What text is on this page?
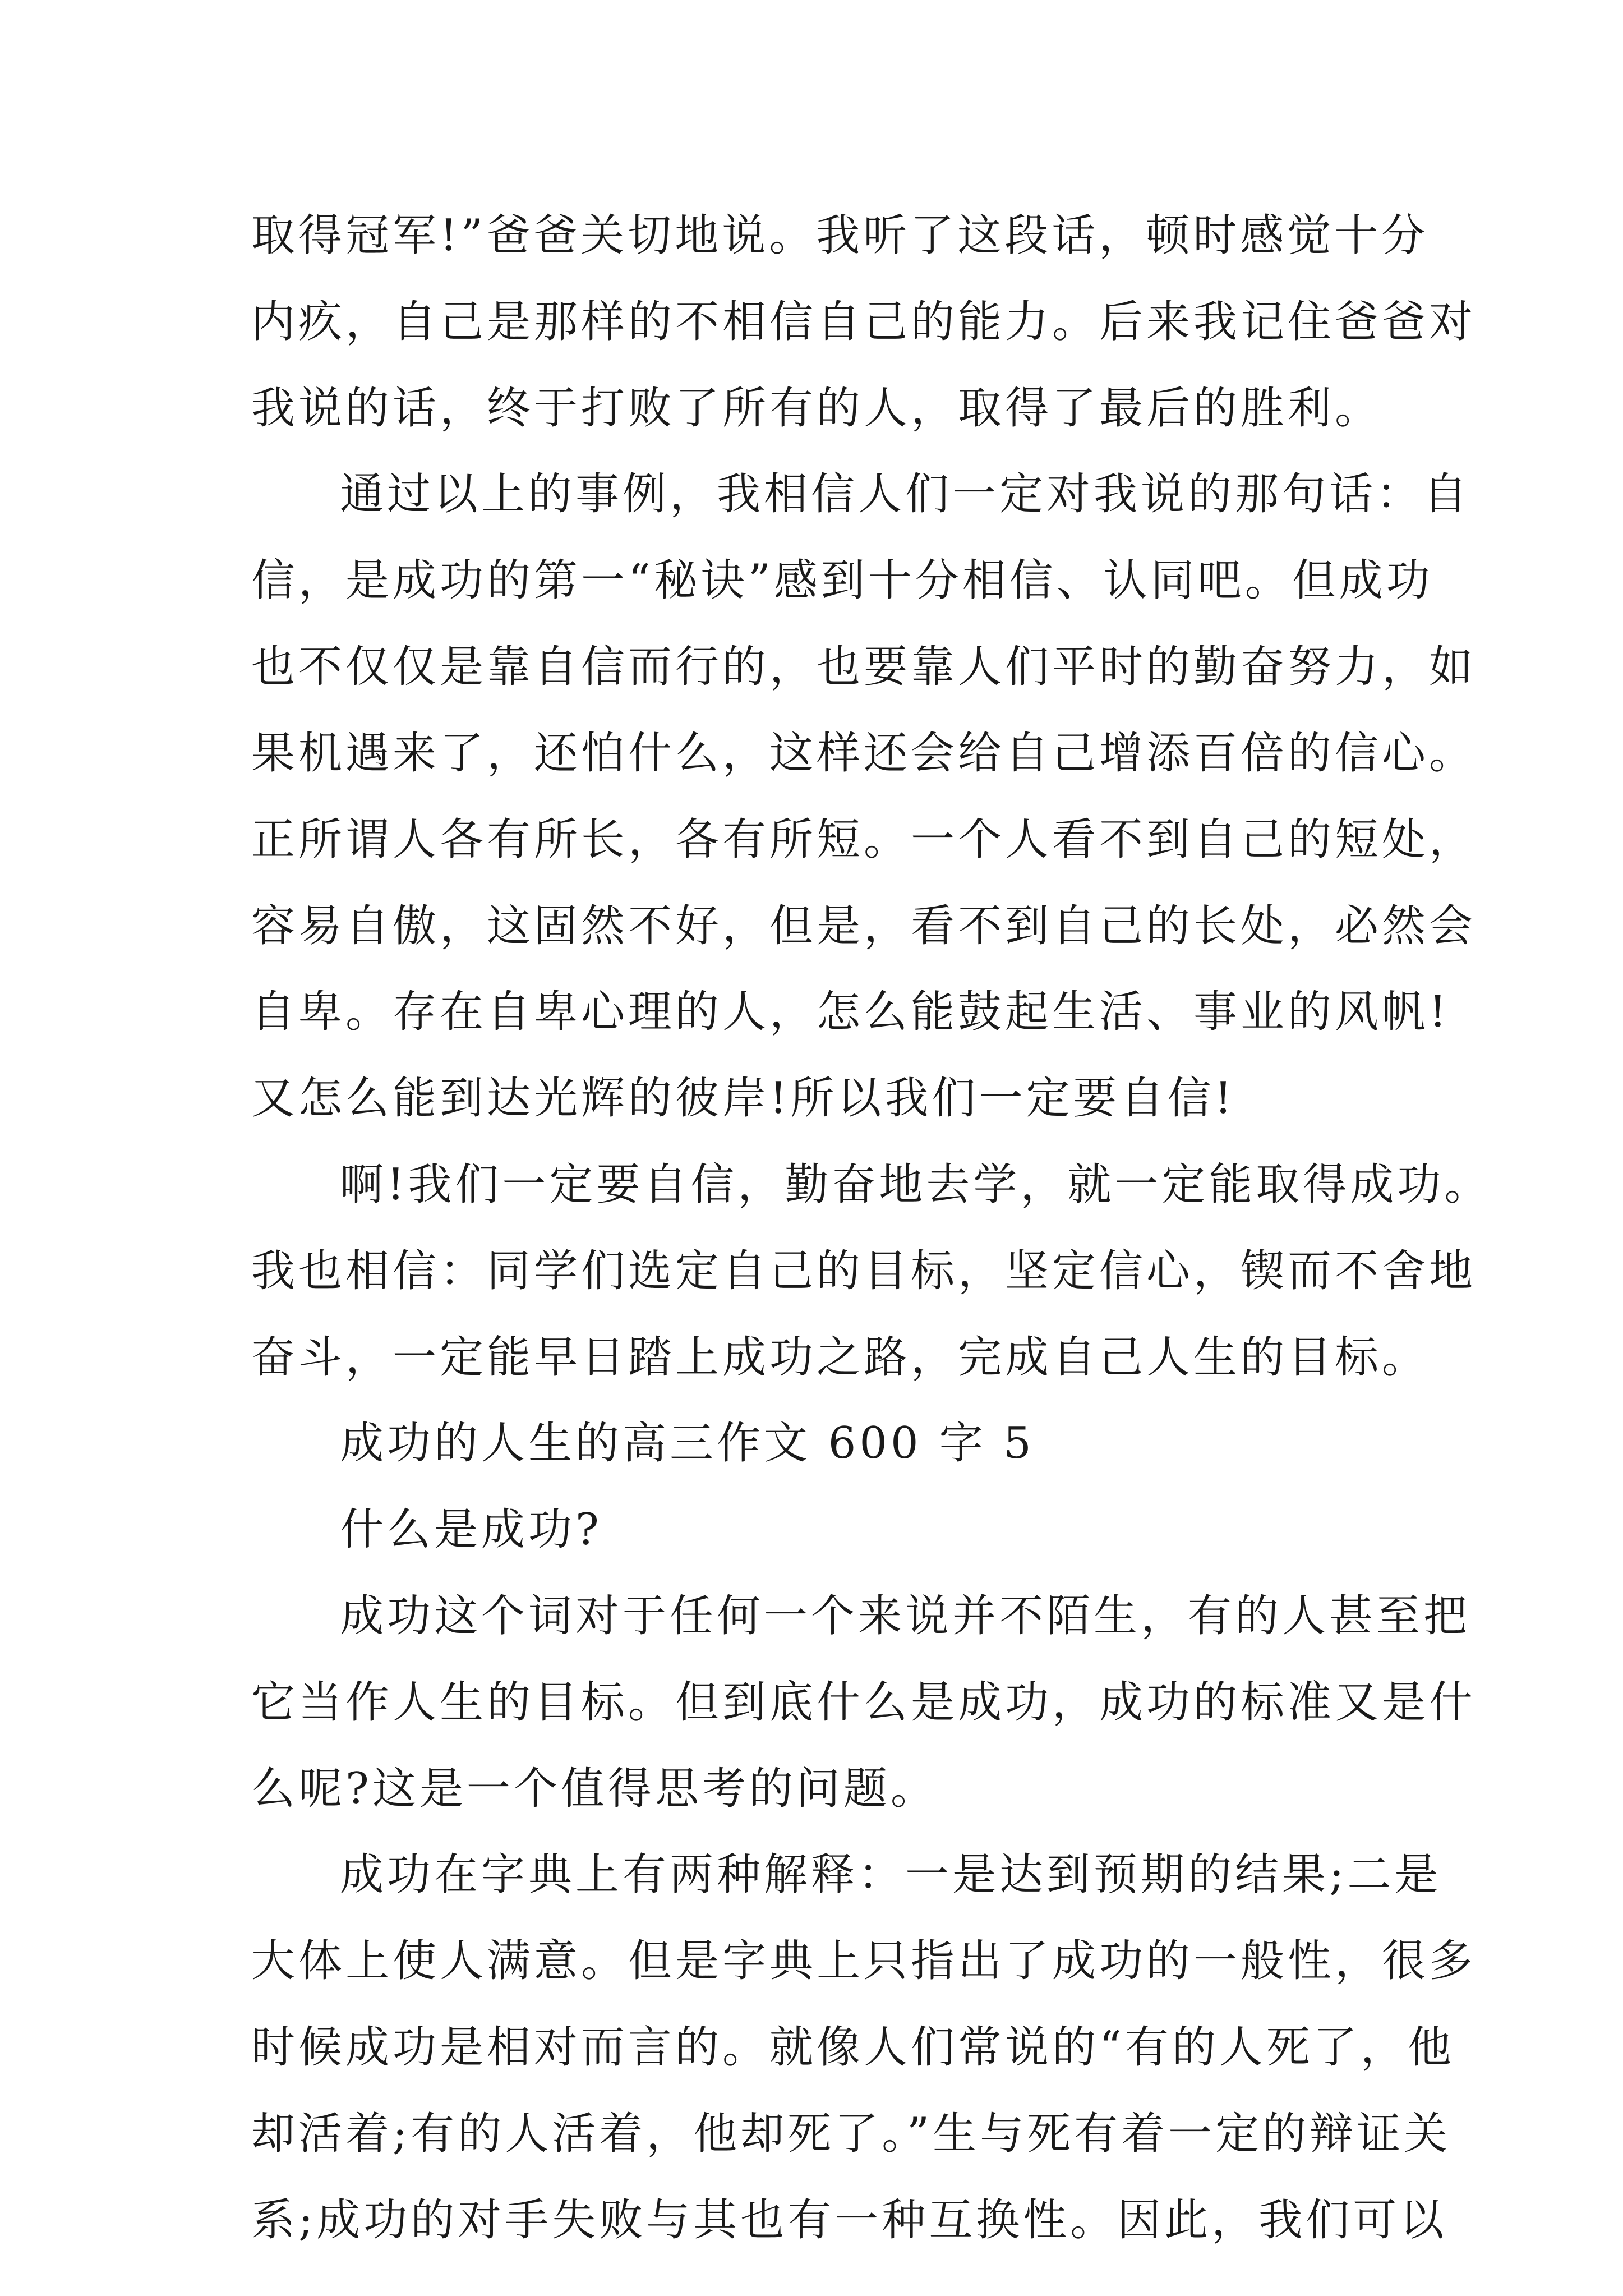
取得冠军!”爸爸关切地说。我听了这段话，顿时感觉十分
内疚，自己是那样的不相信自己的能力。后来我记住爸爸对
我说的话，终于打败了所有的人，取得了最后的胜利。
通过以上的事例，我相信人们一定对我说的那句话：自
信，是成功的第一“秘诀”感到十分相信、认同吧。但成功
也不仅仅是靠自信而行的，也要靠人们平时的勤奋努力，如
果机遇来了，还怕什么，这样还会给自己增添百倍的信心。
正所谓人各有所长，各有所短。一个人看不到自己的短处，
容易自傲，这固然不好，但是，看不到自己的长处，必然会
自卑。存在自卑心理的人，怎么能鼓起生活、事业的风帆!
又怎么能到达光辉的彼岸!所以我们一定要自信!
啊!我们一定要自信，勤奋地去学，就一定能取得成功。
我也相信：同学们选定自己的目标，坚定信心，锲而不舍地
奋斗，一定能早日踏上成功之路，完成自己人生的目标。
成功的人生的高三作文 600 字 5
什么是成功?
成功这个词对于任何一个来说并不陌生，有的人甚至把
它当作人生的目标。但到底什么是成功，成功的标准又是什
么呢?这是一个值得思考的问题。
成功在字典上有两种解释：一是达到预期的结果;二是
大体上使人满意。但是字典上只指出了成功的一般性，很多
时候成功是相对而言的。就像人们常说的“有的人死了，他
却活着;有的人活着，他却死了。”生与死有着一定的辩证关
系;成功的对手失败与其也有一种互换性。因此，我们可以
